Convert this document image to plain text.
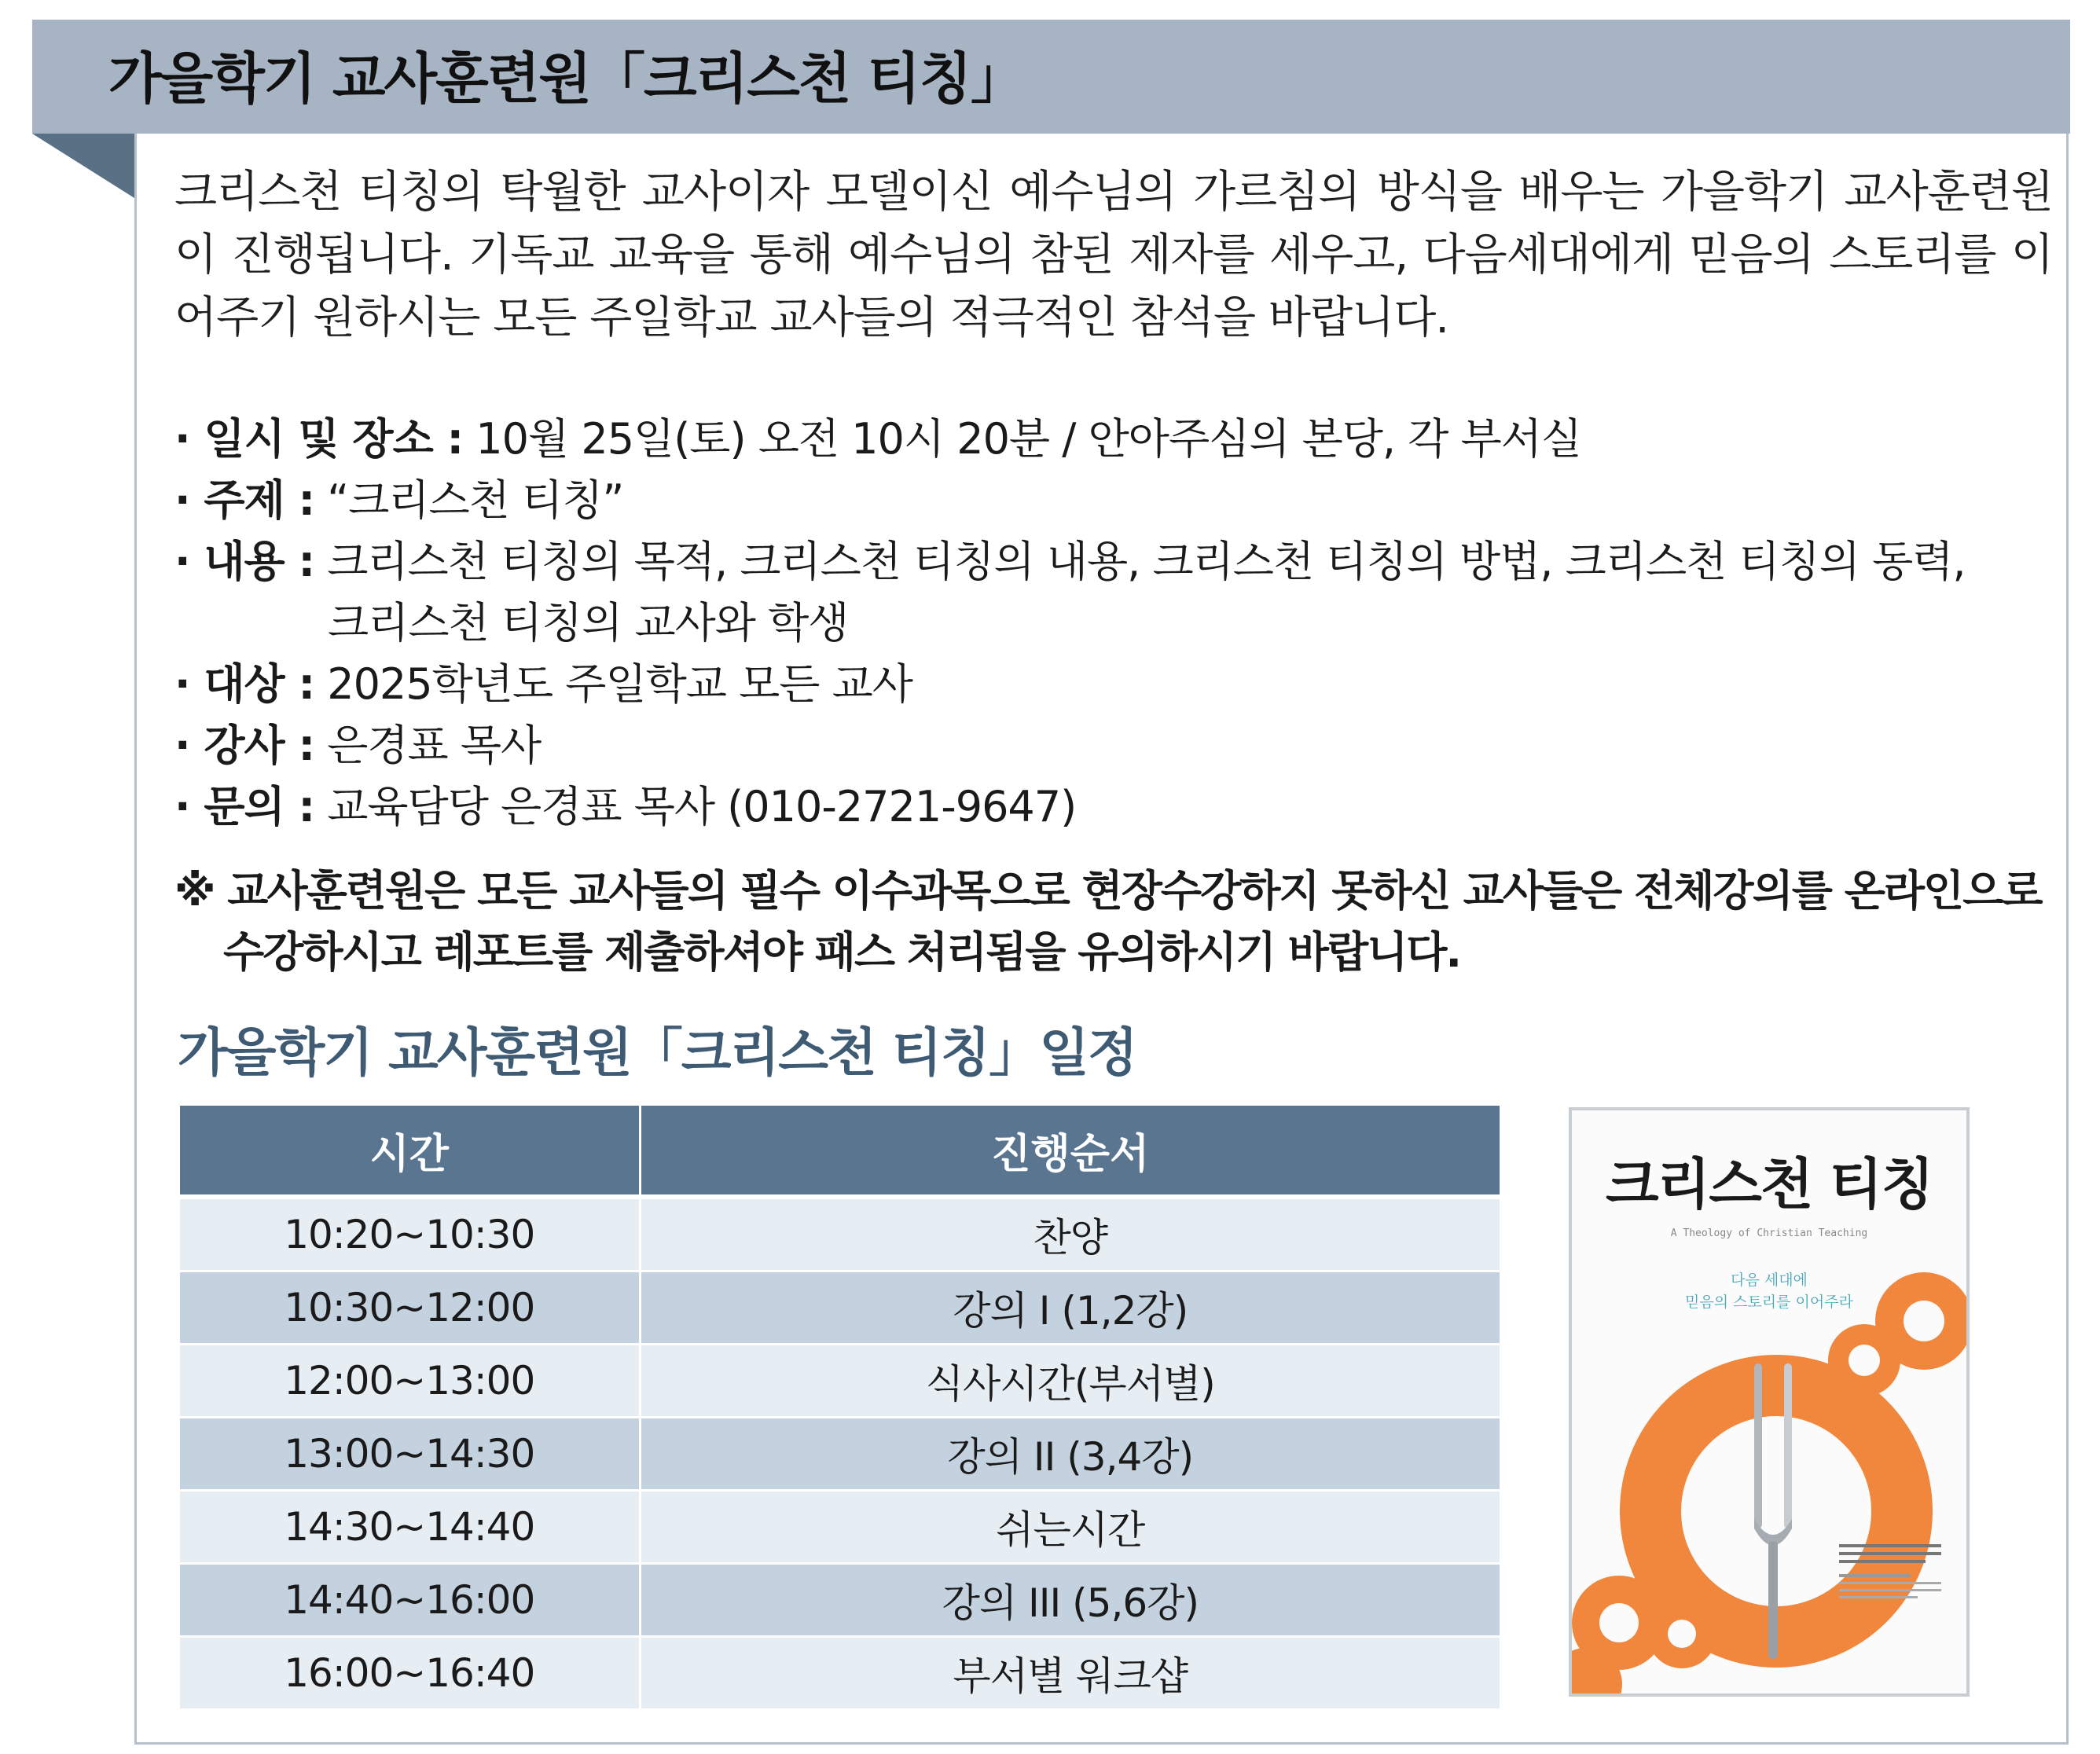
가을학기 교사훈련원「크리스천 티칭」

크리스천 티칭의 탁월한 교사이자 모델이신 예수님의 가르침의 방식을 배우는 가을학기 교사훈련원이 진행됩니다. 기독교 교육을 통해 예수님의 참된 제자를 세우고, 다음세대에게 믿음의 스토리를 이어주기 원하시는 모든 주일학교 교사들의 적극적인 참석을 바랍니다.

· 일시 및 장소 : 10월 25일(토) 오전 10시 20분 / 안아주심의 본당, 각 부서실
· 주제 : “크리스천 티칭”
· 내용 : 크리스천 티칭의 목적, 크리스천 티칭의 내용, 크리스천 티칭의 방법, 크리스천 티칭의 동력,
크리스천 티칭의 교사와 학생
· 대상 : 2025학년도 주일학교 모든 교사
· 강사 : 은경표 목사
· 문의 : 교육담당 은경표 목사 (010-2721-9647)
※ 교사훈련원은 모든 교사들의 필수 이수과목으로 현장수강하지 못하신 교사들은 전체강의를 온라인으로
수강하시고 레포트를 제출하셔야 패스 처리됨을 유의하시기 바랍니다.
가을학기 교사훈련원「크리스천 티칭」일정
시간	진행순서
10:20~10:30	찬양
10:30~12:00	강의 I (1,2강)
12:00~13:00	식사시간(부서별)
13:00~14:30	강의 II (3,4강)
14:30~14:40	쉬는시간
14:40~16:00	강의 III (5,6강)
16:00~16:40	부서별 워크샵
크리스천 티칭
A Theology of Christian Teaching
다음 세대에
믿음의 스토리를 이어주라
